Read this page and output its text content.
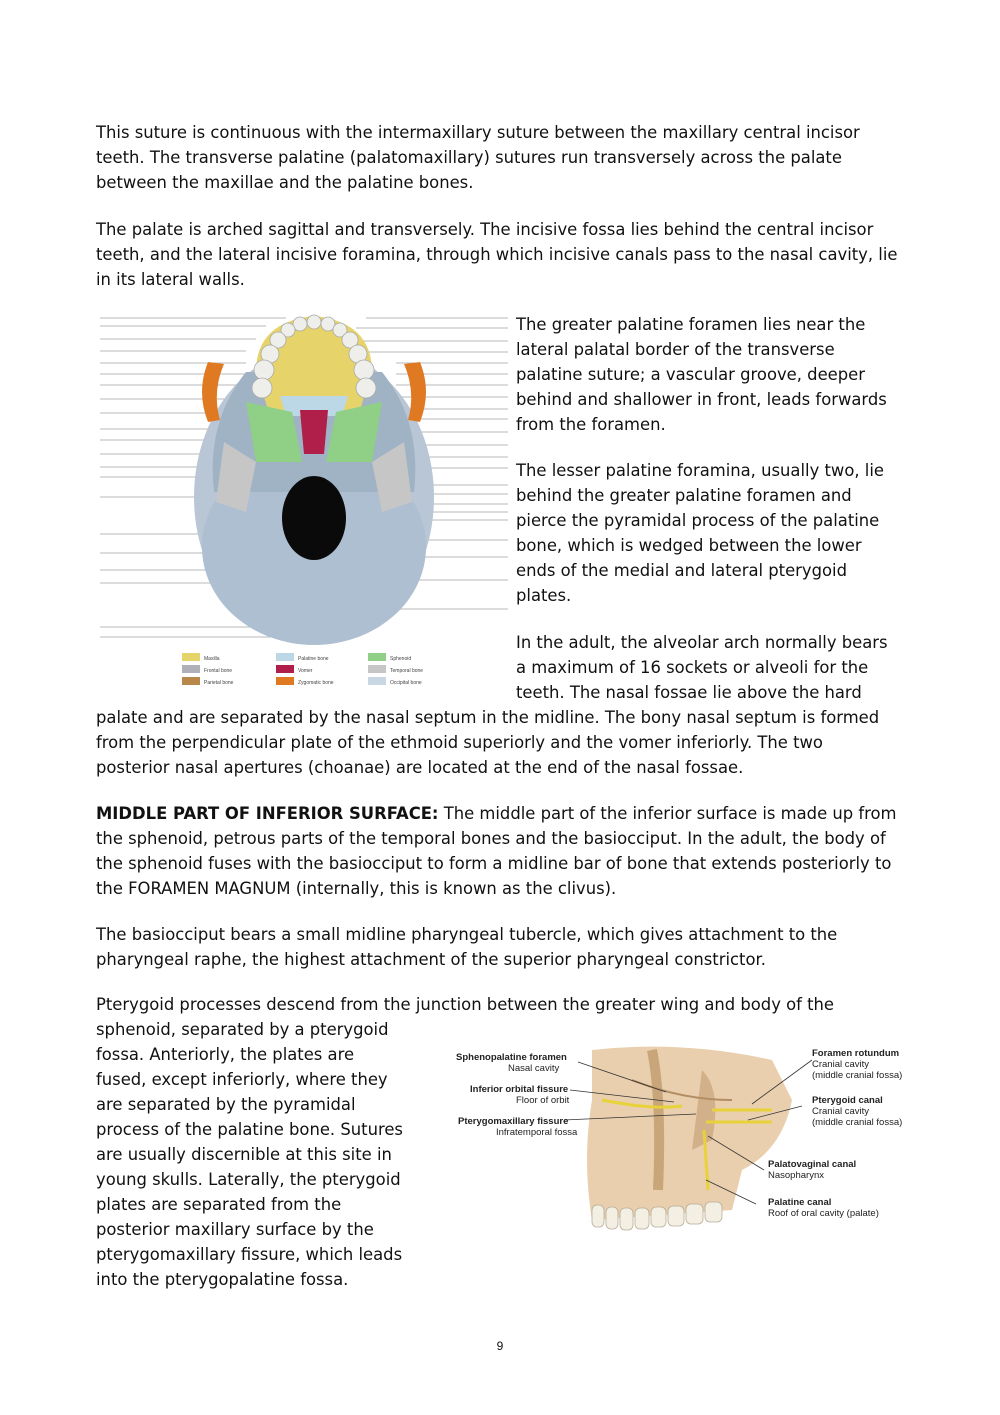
This suture is continuous with the intermaxillary suture between the maxillary central incisor teeth. The transverse palatine (palatomaxillary) sutures run transversely across the palate between the maxillae and the palatine bones.

The palate is arched sagittal and transversely. The incisive fossa lies behind the central incisor teeth, and the lateral incisive foramina, through which incisive canals pass to the nasal cavity, lie in its lateral walls.

Maxilla
Frontal bone
Parietal bone
Palatine bone
Vomer
Zygomatic bone
Sphenoid
Temporal bone
Occipital bone
The greater palatine foramen lies near the
lateral palatal border of the transverse
palatine suture; a vascular groove, deeper
behind and shallower in front, leads forwards
from the foramen.
The lesser palatine foramina, usually two, lie
behind the greater palatine foramen and
pierce the pyramidal process of the palatine
bone, which is wedged between the lower
ends of the medial and lateral pterygoid
plates.
In the adult, the alveolar arch normally bears
a maximum of 16 sockets or alveoli for the
teeth. The nasal fossae lie above the hard
palate and are separated by the nasal septum in the midline. The bony nasal septum is formed
from the perpendicular plate of the ethmoid superiorly and the vomer inferiorly. The two
posterior nasal apertures (choanae) are located at the end of the nasal fossae.

MIDDLE PART OF INFERIOR SURFACE: The middle part of the inferior surface is made up from the sphenoid, petrous parts of the temporal bones and the basiocciput. In the adult, the body of the sphenoid fuses with the basiocciput to form a midline bar of bone that extends posteriorly to the FORAMEN MAGNUM (internally, this is known as the clivus).

The basiocciput bears a small midline pharyngeal tubercle, which gives attachment to the pharyngeal raphe, the highest attachment of the superior pharyngeal constrictor.

Pterygoid processes descend from the junction between the greater wing and body of the
sphenoid, separated by a pterygoid
fossa. Anteriorly, the plates are
fused, except inferiorly, where they
are separated by the pyramidal
process of the palatine bone. Sutures
are usually discernible at this site in
young skulls. Laterally, the pterygoid
plates are separated from the
posterior maxillary surface by the
pterygomaxillary fissure, which leads
into the pterygopalatine fossa.
Sphenopalatine foramen
Nasal cavity
Inferior orbital fissure
Floor of orbit
Pterygomaxillary fissure
Infratemporal fossa
Foramen rotundum
Cranial cavity
(middle cranial fossa)
Pterygoid canal
Cranial cavity
(middle cranial fossa)
Palatovaginal canal
Nasopharynx
Palatine canal
Roof of oral cavity (palate)
9
